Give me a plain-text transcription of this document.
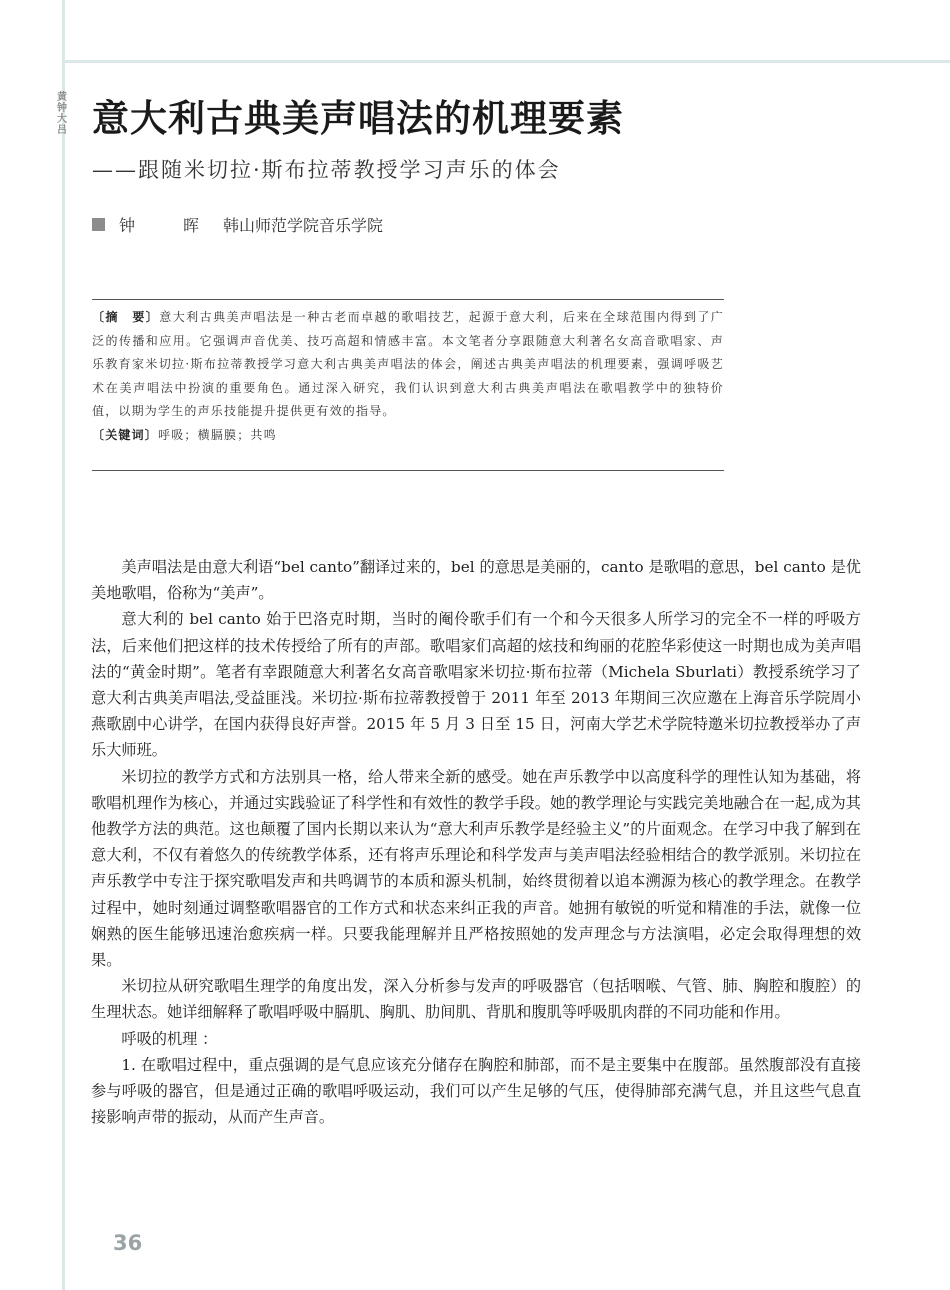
黄钟大吕 意大利古典美声唱法的机理要素
——跟随米切拉·斯布拉蒂教授学习声乐的体会
钟　晖 韩山师范学院音乐学院

〔摘　要〕意大利古典美声唱法是一种古老而卓越的歌唱技艺，起源于意大利，后来在全球范围内得到了广泛的传播和应用。它强调声音优美、技巧高超和情感丰富。本文笔者分享跟随意大利著名女高音歌唱家、声乐教育家米切拉·斯布拉蒂教授学习意大利古典美声唱法的体会，阐述古典美声唱法的机理要素，强调呼吸艺术在美声唱法中扮演的重要角色。通过深入研究，我们认识到意大利古典美声唱法在歌唱教学中的独特价值，以期为学生的声乐技能提升提供更有效的指导。

〔关键词〕呼吸；横膈膜；共鸣

美声唱法是由意大利语“bel canto”翻译过来的，bel 的意思是美丽的，canto 是歌唱的意思，bel canto 是优美地歌唱，俗称为“美声”。

意大利的 bel canto 始于巴洛克时期，当时的阉伶歌手们有一个和今天很多人所学习的完全不一样的呼吸方法，后来他们把这样的技术传授给了所有的声部。歌唱家们高超的炫技和绚丽的花腔华彩使这一时期也成为美声唱法的“黄金时期”。笔者有幸跟随意大利著名女高音歌唱家米切拉·斯布拉蒂（Michela Sburlati）教授系统学习了意大利古典美声唱法,受益匪浅。米切拉·斯布拉蒂教授曾于 2011 年至 2013 年期间三次应邀在上海音乐学院周小燕歌剧中心讲学，在国内获得良好声誉。2015 年 5 月 3 日至 15 日，河南大学艺术学院特邀米切拉教授举办了声乐大师班。

米切拉的教学方式和方法别具一格，给人带来全新的感受。她在声乐教学中以高度科学的理性认知为基础，将歌唱机理作为核心，并通过实践验证了科学性和有效性的教学手段。她的教学理论与实践完美地融合在一起,成为其他教学方法的典范。这也颠覆了国内长期以来认为“意大利声乐教学是经验主义”的片面观念。在学习中我了解到在意大利，不仅有着悠久的传统教学体系，还有将声乐理论和科学发声与美声唱法经验相结合的教学派别。米切拉在声乐教学中专注于探究歌唱发声和共鸣调节的本质和源头机制，始终贯彻着以追本溯源为核心的教学理念。在教学过程中，她时刻通过调整歌唱器官的工作方式和状态来纠正我的声音。她拥有敏锐的听觉和精准的手法，就像一位娴熟的医生能够迅速治愈疾病一样。只要我能理解并且严格按照她的发声理念与方法演唱，必定会取得理想的效果。

米切拉从研究歌唱生理学的角度出发，深入分析参与发声的呼吸器官（包括咽喉、气管、肺、胸腔和腹腔）的生理状态。她详细解释了歌唱呼吸中膈肌、胸肌、肋间肌、背肌和腹肌等呼吸肌肉群的不同功能和作用。

呼吸的机理 ：

1. 在歌唱过程中，重点强调的是气息应该充分储存在胸腔和肺部，而不是主要集中在腹部。虽然腹部没有直接参与呼吸的器官，但是通过正确的歌唱呼吸运动，我们可以产生足够的气压，使得肺部充满气息，并且这些气息直接影响声带的振动，从而产生声音。

36
